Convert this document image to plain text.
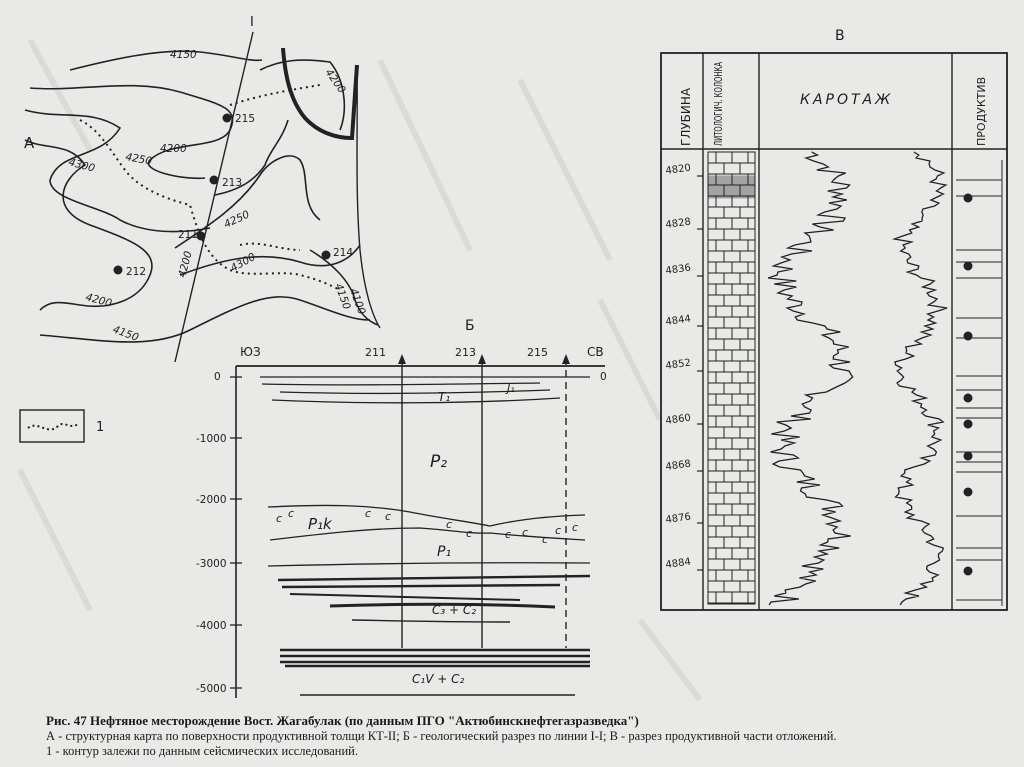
А
I
4150
4200
4250
4200
4300
4250
4200	4300
4150
4100
4200
4150
215
213
211
212
214
1
Б
ЮЗ	СВ
211	213	215
0
-1000
-2000
-3000
-4000
-5000
0
c c	c c
c
c	c c
c
c c
T₁
J₁
P₂
P₁k
P₁
C₃ + C₂
C₁V + C₂
В
ГЛУБИНА ЛИТОЛОГИЧ. КОЛОНКА	КАРОТАЖ	ПРОДУКТИВ
4820
4828
4836
4844
4852
4860
4868
4876
4884
Рис. 47 Нефтяное месторождение Вост. Жагабулак (по данным ПГО "Актюбинскнефтегазразведка")
А - структурная карта по поверхности продуктивной толщи КТ-II; Б - геологический разрез по линии I-I; В - разрез продуктивной части отложений.
1 - контур залежи по данным сейсмических исследований.
